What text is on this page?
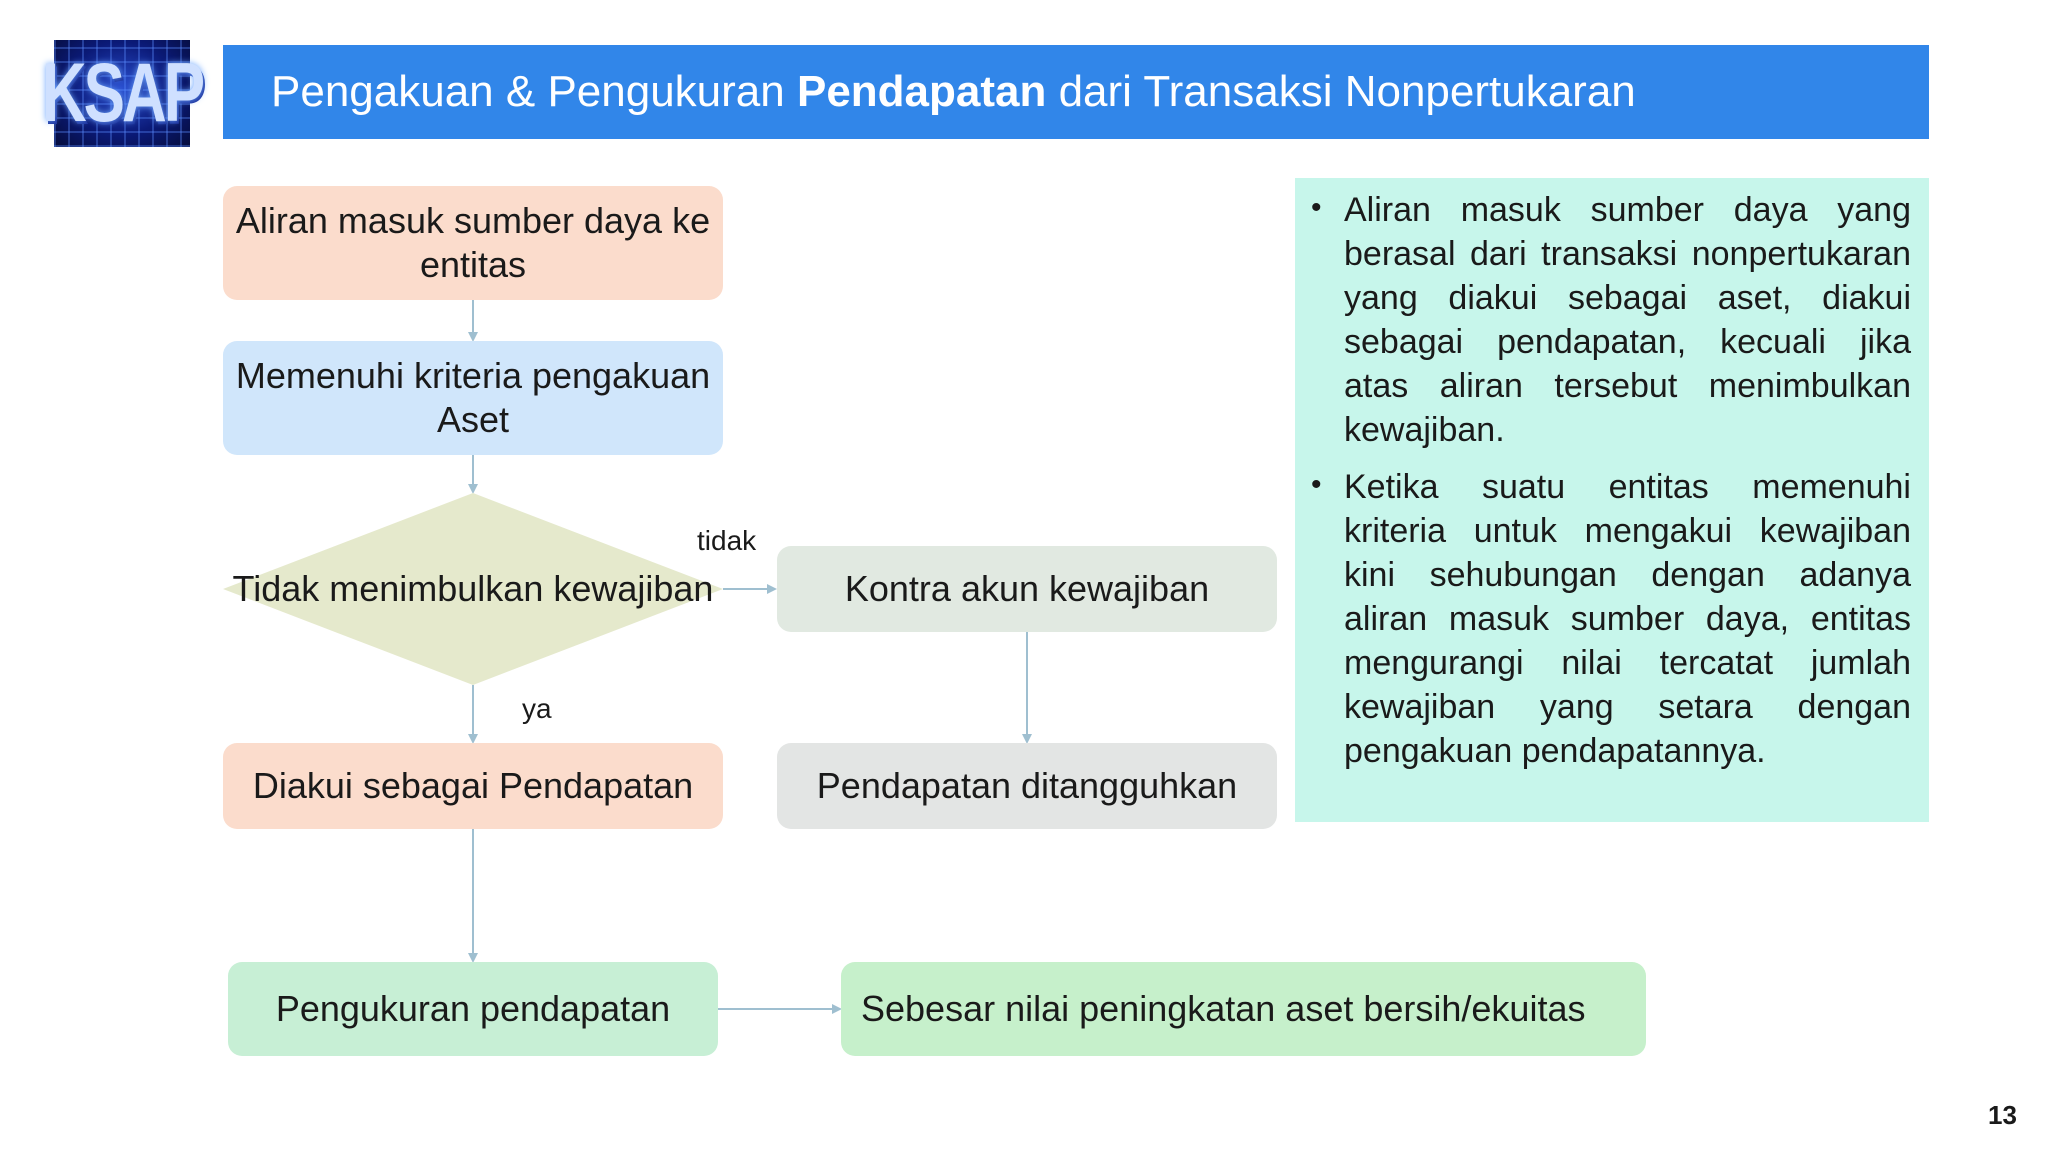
KSAP Pengakuan & Pengukuran Pendapatan dari Transaksi Nonpertukaran
Aliran masuk sumber daya ke entitas
Memenuhi kriteria pengakuan Aset
Tidak menimbulkan kewajiban
tidak
ya
Kontra akun kewajiban
Diakui sebagai Pendapatan	Pendapatan ditangguhkan
Pengukuran pendapatan	Sebesar nilai peningkatan aset bersih/ekuitas
• Aliran masuk sumber daya yang berasal dari transaksi nonpertukaran yang diakui sebagai aset, diakui sebagai pendapatan, kecuali jika atas aliran tersebut menimbulkan kewajiban.
• Ketika suatu entitas memenuhi kriteria untuk mengakui kewajiban kini sehubungan dengan adanya aliran masuk sumber daya, entitas mengurangi nilai tercatat jumlah kewajiban yang setara dengan pengakuan pendapatannya.
13
